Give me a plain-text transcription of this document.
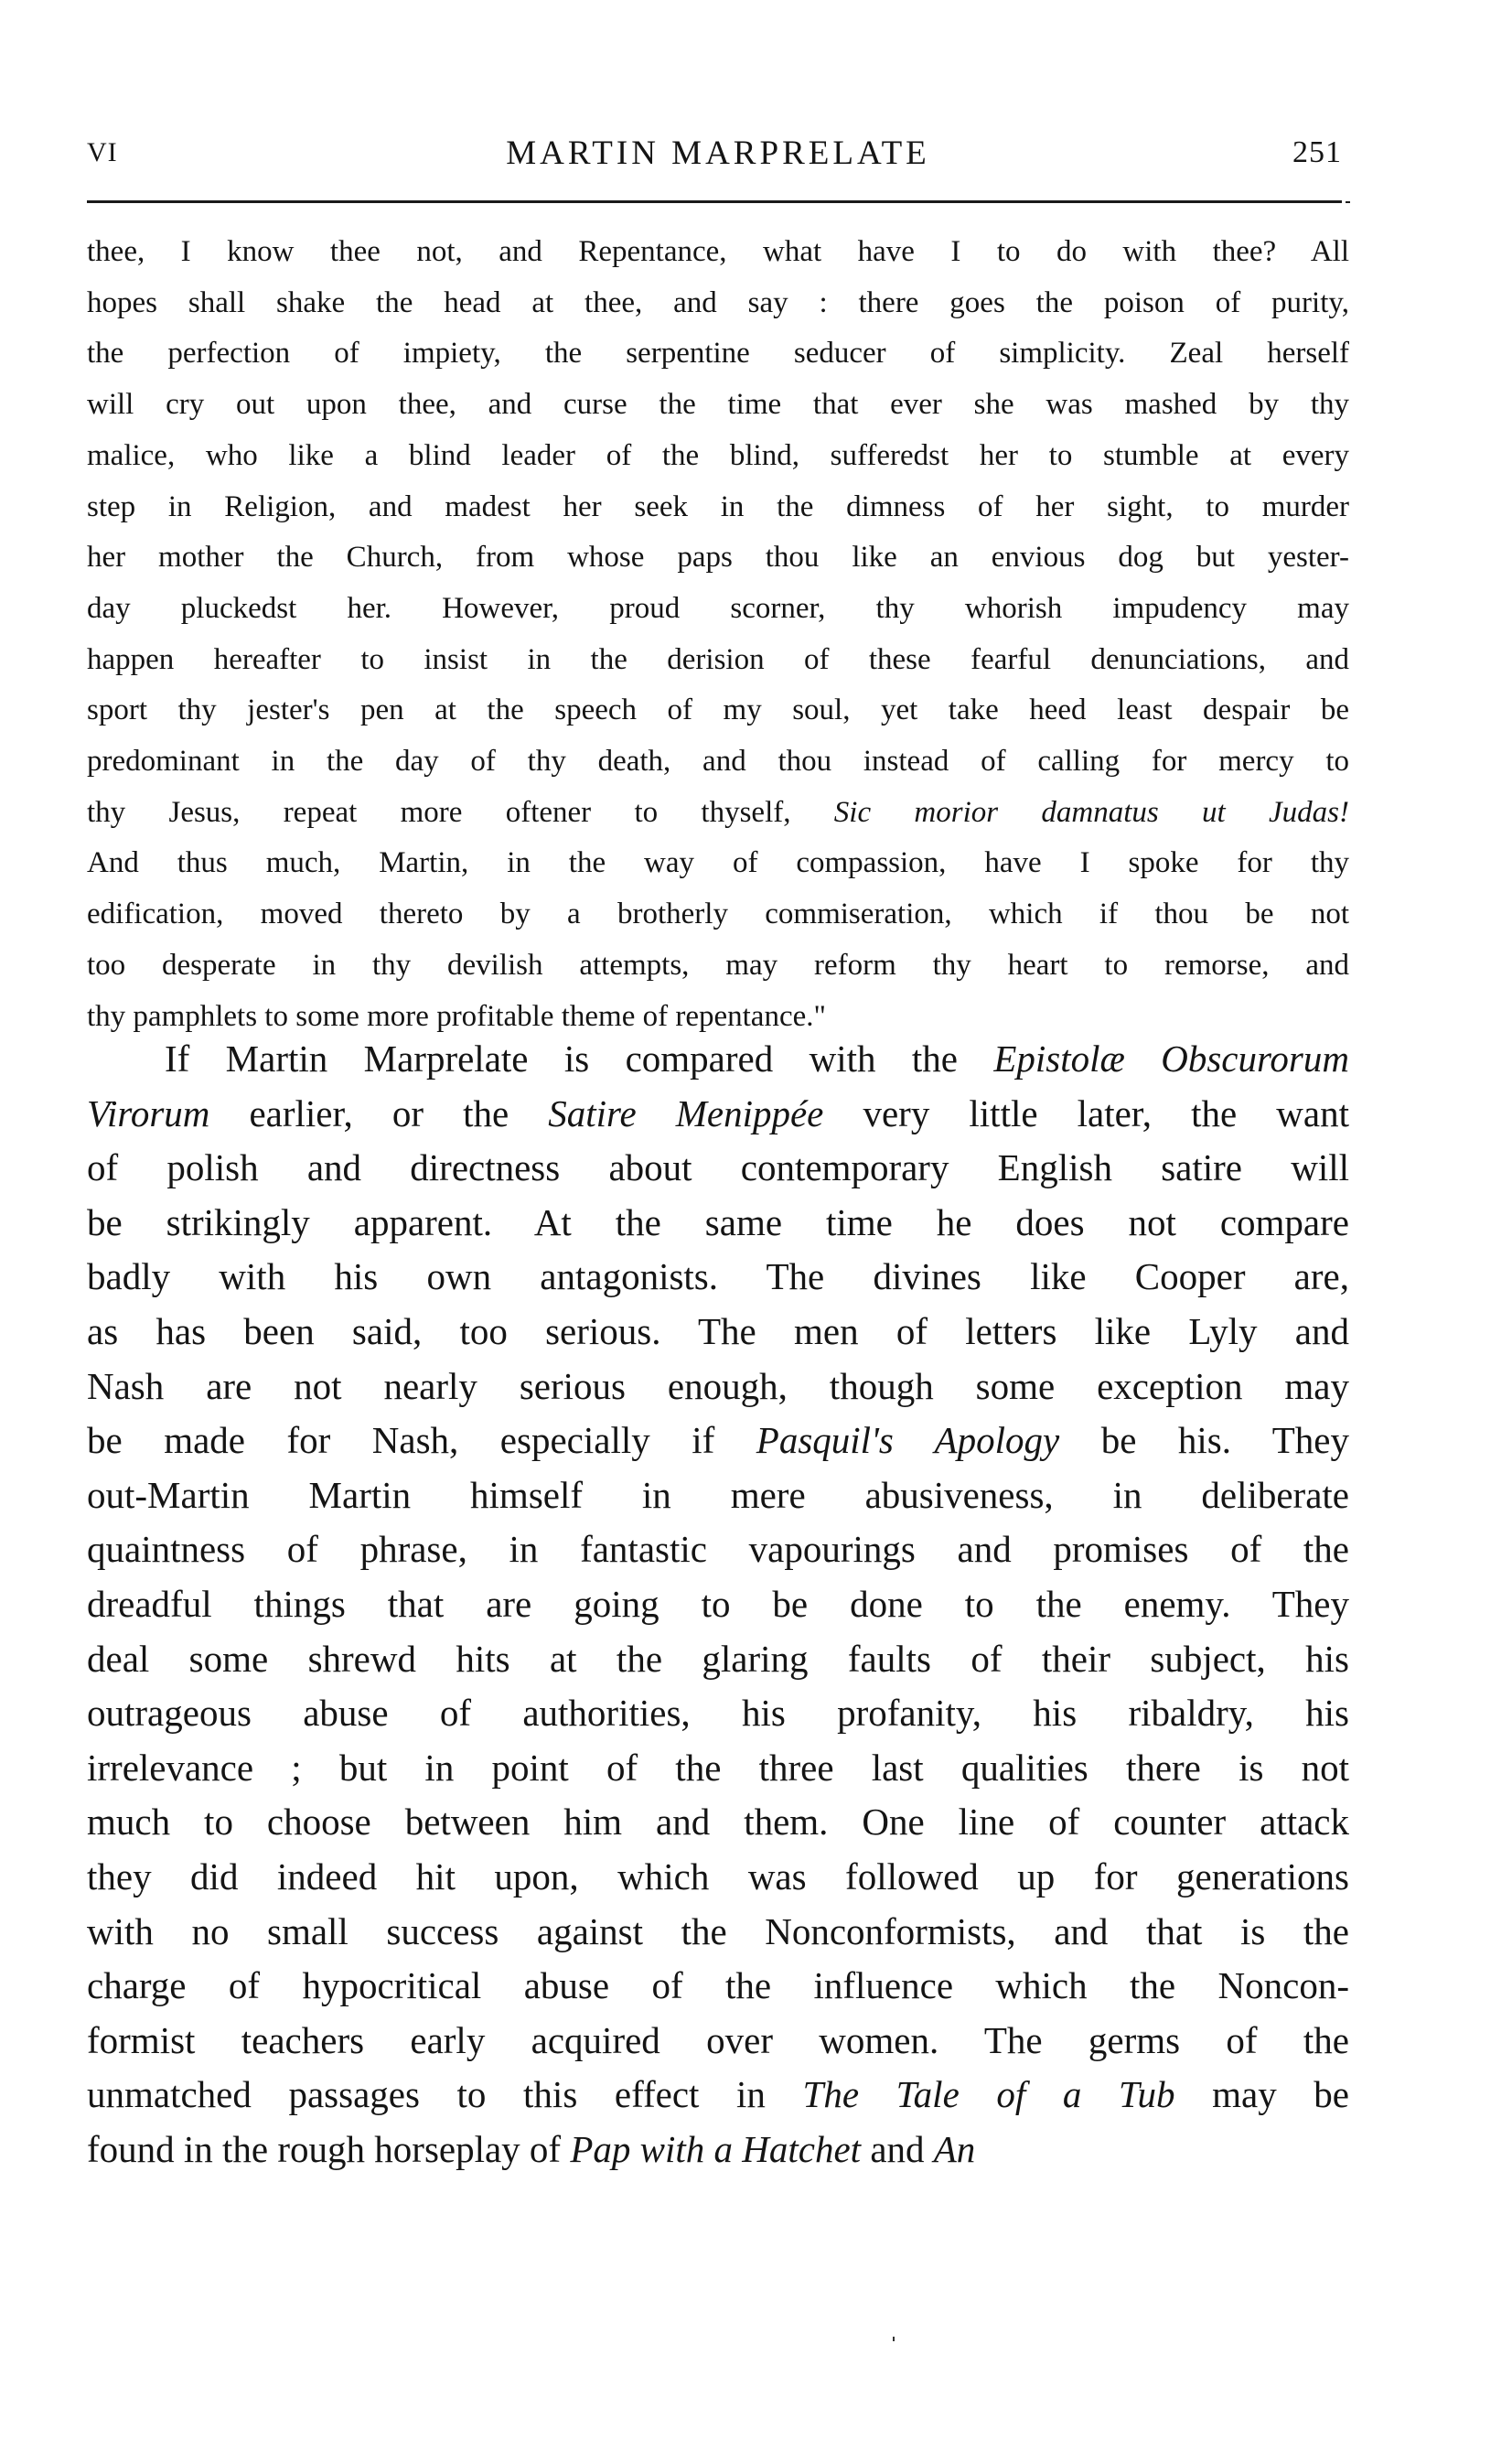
VI	MARTIN MARPRELATE	251
thee, I know thee not, and Repentance, what have I to do with thee? All
hopes shall shake the head at thee, and say : there goes the poison of purity,
the perfection of impiety, the serpentine seducer of simplicity. Zeal herself
will cry out upon thee, and curse the time that ever she was mashed by thy
malice, who like a blind leader of the blind, sufferedst her to stumble at every
step in Religion, and madest her seek in the dimness of her sight, to murder
her mother the Church, from whose paps thou like an envious dog but yester-
day pluckedst her. However, proud scorner, thy whorish impudency may
happen hereafter to insist in the derision of these fearful denunciations, and
sport thy jester's pen at the speech of my soul, yet take heed least despair be
predominant in the day of thy death, and thou instead of calling for mercy to
thy Jesus, repeat more oftener to thyself, Sic morior damnatus ut Judas!
And thus much, Martin, in the way of compassion, have I spoke for thy
edification, moved thereto by a brotherly commiseration, which if thou be not
too desperate in thy devilish attempts, may reform thy heart to remorse, and
thy pamphlets to some more profitable theme of repentance."
If Martin Marprelate is compared with the Epistolæ Obscurorum
Virorum earlier, or the Satire Menippée very little later, the want
of polish and directness about contemporary English satire will
be strikingly apparent. At the same time he does not compare
badly with his own antagonists. The divines like Cooper are,
as has been said, too serious. The men of letters like Lyly and
Nash are not nearly serious enough, though some exception may
be made for Nash, especially if Pasquil's Apology be his. They
out-Martin Martin himself in mere abusiveness, in deliberate
quaintness of phrase, in fantastic vapourings and promises of the
dreadful things that are going to be done to the enemy. They
deal some shrewd hits at the glaring faults of their subject, his
outrageous abuse of authorities, his profanity, his ribaldry, his
irrelevance ; but in point of the three last qualities there is not
much to choose between him and them. One line of counter attack
they did indeed hit upon, which was followed up for generations
with no small success against the Nonconformists, and that is the
charge of hypocritical abuse of the influence which the Noncon-
formist teachers early acquired over women. The germs of the
unmatched passages to this effect in The Tale of a Tub may be
found in the rough horseplay of Pap with a Hatchet and An
